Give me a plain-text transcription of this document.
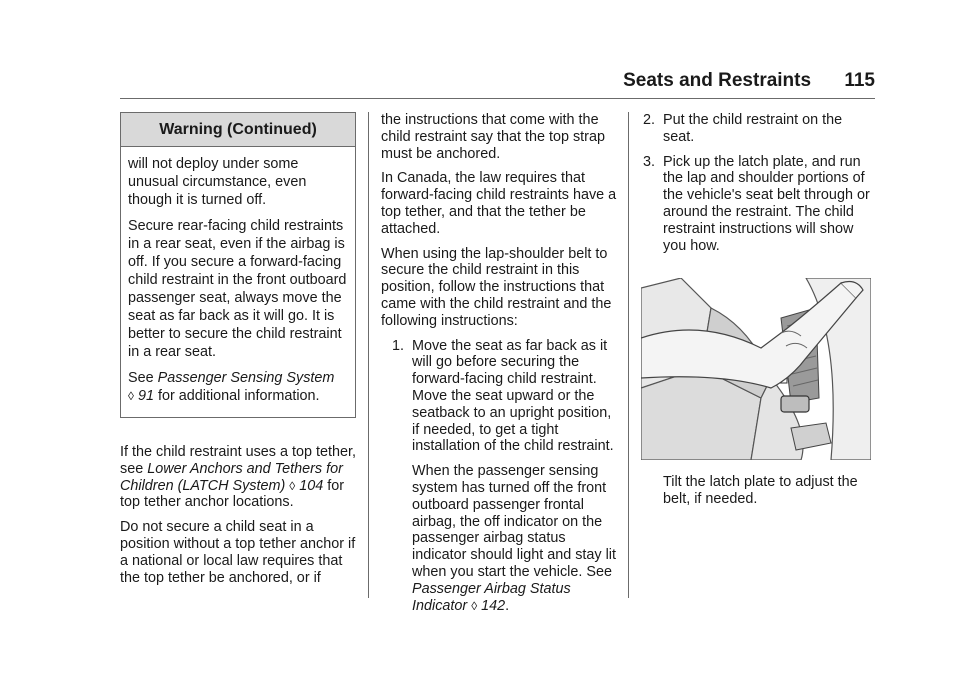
Seats and Restraints 115
Warning (Continued)

will not deploy under some unusual circumstance, even though it is turned off.

Secure rear-facing child restraints in a rear seat, even if the airbag is off. If you secure a forward-facing child restraint in the front outboard passenger seat, always move the seat as far back as it will go. It is better to secure the child restraint in a rear seat.

See Passenger Sensing System
◊ 91 for additional information.

If the child restraint uses a top tether, see Lower Anchors and Tethers for Children (LATCH System) ◊ 104 for top tether anchor locations.

Do not secure a child seat in a position without a top tether anchor if a national or local law requires that the top tether be anchored, or if

the instructions that come with the child restraint say that the top strap must be anchored.

In Canada, the law requires that forward-facing child restraints have a top tether, and that the tether be attached.

When using the lap-shoulder belt to secure the child restraint in this position, follow the instructions that came with the child restraint and the following instructions:

1. Move the seat as far back as it will go before securing the forward-facing child restraint. Move the seat upward or the seatback to an upright position, if needed, to get a tight installation of the child restraint.

When the passenger sensing system has turned off the front outboard passenger frontal airbag, the off indicator on the passenger airbag status indicator should light and stay lit when you start the vehicle. See Passenger Airbag Status Indicator ◊ 142.

2. Put the child restraint on the seat.

3. Pick up the latch plate, and run the lap and shoulder portions of the vehicle's seat belt through or around the restraint. The child restraint instructions will show you how.

Tilt the latch plate to adjust the belt, if needed.
